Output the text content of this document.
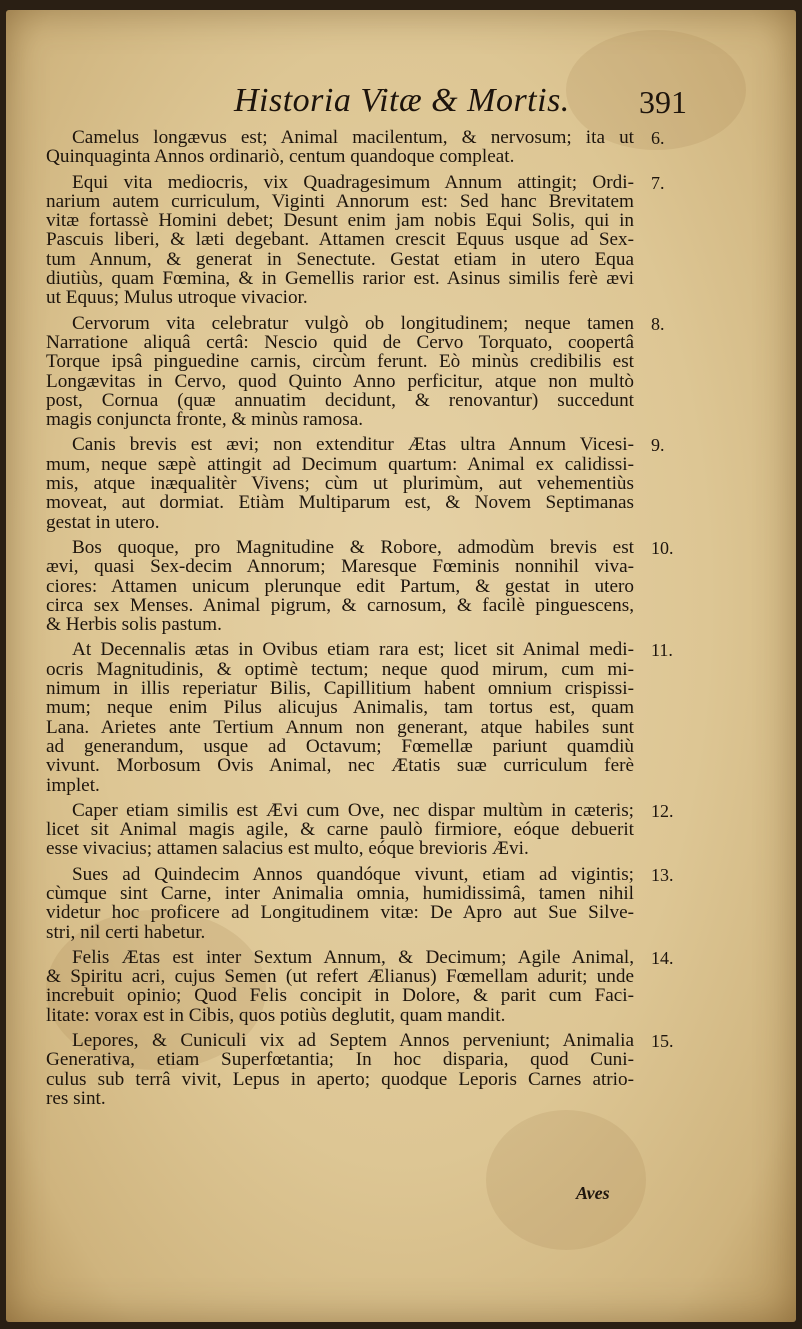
Historia Vitæ & Mortis. 391
Camelus longævus est; Animal macilentum, & nervosum; ita ut
Quinquaginta Annos ordinariò, centum quandoque compleat.
Equi vita mediocris, vix Quadragesimum Annum attingit; Ordi-
narium autem curriculum, Viginti Annorum est: Sed hanc Brevitatem
vitæ fortassè Homini debet; Desunt enim jam nobis Equi Solis, qui in
Pascuis liberi, & læti degebant. Attamen crescit Equus usque ad Sex-
tum Annum, & generat in Senectute. Gestat etiam in utero Equa
diutiùs, quam Fœmina, & in Gemellis rarior est. Asinus similis ferè ævi
ut Equus; Mulus utroque vivacior.
Cervorum vita celebratur vulgò ob longitudinem; neque tamen
Narratione aliquâ certâ: Nescio quid de Cervo Torquato, coopertâ
Torque ipsâ pinguedine carnis, circùm ferunt. Eò minùs credibilis est
Longævitas in Cervo, quod Quinto Anno perficitur, atque non multò
post, Cornua (quæ annuatim decidunt, & renovantur) succedunt
magis conjuncta fronte, & minùs ramosa.
Canis brevis est ævi; non extenditur Ætas ultra Annum Vicesi-
mum, neque sæpè attingit ad Decimum quartum: Animal ex calidissi-
mis, atque inæqualitèr Vivens; cùm ut plurimùm, aut vehementiùs
moveat, aut dormiat. Etiàm Multiparum est, & Novem Septimanas
gestat in utero.
Bos quoque, pro Magnitudine & Robore, admodùm brevis est
ævi, quasi Sex-decim Annorum; Maresque Fœminis nonnihil viva-
ciores: Attamen unicum plerunque edit Partum, & gestat in utero
circa sex Menses. Animal pigrum, & carnosum, & facilè pinguescens,
& Herbis solis pastum.
At Decennalis ætas in Ovibus etiam rara est; licet sit Animal medi-
ocris Magnitudinis, & optimè tectum; neque quod mirum, cum mi-
nimum in illis reperiatur Bilis, Capillitium habent omnium crispissi-
mum; neque enim Pilus alicujus Animalis, tam tortus est, quam
Lana. Arietes ante Tertium Annum non generant, atque habiles sunt
ad generandum, usque ad Octavum; Fœmellæ pariunt quamdiù
vivunt. Morbosum Ovis Animal, nec Ætatis suæ curriculum ferè
implet.
Caper etiam similis est Ævi cum Ove, nec dispar multùm in cæteris;
licet sit Animal magis agile, & carne paulò firmiore, eóque debuerit
esse vivacius; attamen salacius est multo, eóque brevioris Ævi.
Sues ad Quindecim Annos quandóque vivunt, etiam ad vigintis;
cùmque sint Carne, inter Animalia omnia, humidissimâ, tamen nihil
videtur hoc proficere ad Longitudinem vitæ: De Apro aut Sue Silve-
stri, nil certi habetur.
Felis Ætas est inter Sextum Annum, & Decimum; Agile Animal,
& Spiritu acri, cujus Semen (ut refert Ælianus) Fœmellam adurit; unde
increbuit opinio; Quod Felis concipit in Dolore, & parit cum Faci-
litate: vorax est in Cibis, quos potiùs deglutit, quam mandit.
Lepores, & Cuniculi vix ad Septem Annos perveniunt; Animalia
Generativa, etiam Superfœtantia; In hoc disparia, quod Cuni-
culus sub terrâ vivit, Lepus in aperto; quodque Leporis Carnes atrio-
res sint.
6.
7.
8.
9.
10.
11.
12.
13.
14.
15.
Aves
